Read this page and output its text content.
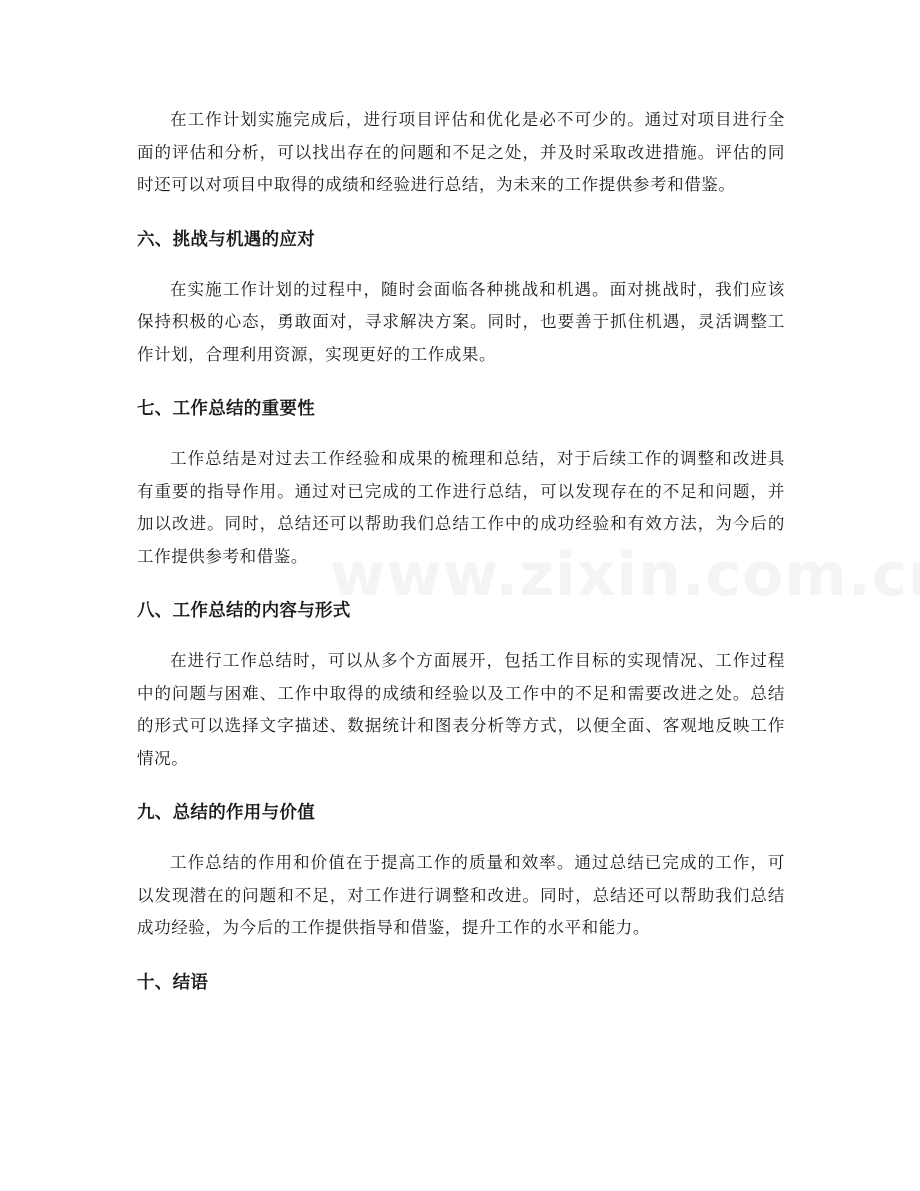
在工作计划实施完成后，进行项目评估和优化是必不可少的。通过对项目进行全面的评估和分析，可以找出存在的问题和不足之处，并及时采取改进措施。评估的同时还可以对项目中取得的成绩和经验进行总结，为未来的工作提供参考和借鉴。

六、挑战与机遇的应对

在实施工作计划的过程中，随时会面临各种挑战和机遇。面对挑战时，我们应该保持积极的心态，勇敢面对，寻求解决方案。同时，也要善于抓住机遇，灵活调整工作计划，合理利用资源，实现更好的工作成果。

七、工作总结的重要性

工作总结是对过去工作经验和成果的梳理和总结，对于后续工作的调整和改进具有重要的指导作用。通过对已完成的工作进行总结，可以发现存在的不足和问题，并加以改进。同时，总结还可以帮助我们总结工作中的成功经验和有效方法，为今后的工作提供参考和借鉴。

八、工作总结的内容与形式

在进行工作总结时，可以从多个方面展开，包括工作目标的实现情况、工作过程中的问题与困难、工作中取得的成绩和经验以及工作中的不足和需要改进之处。总结的形式可以选择文字描述、数据统计和图表分析等方式，以便全面、客观地反映工作情况。

九、总结的作用与价值

工作总结的作用和价值在于提高工作的质量和效率。通过总结已完成的工作，可以发现潜在的问题和不足，对工作进行调整和改进。同时，总结还可以帮助我们总结成功经验，为今后的工作提供指导和借鉴，提升工作的水平和能力。

十、结语
